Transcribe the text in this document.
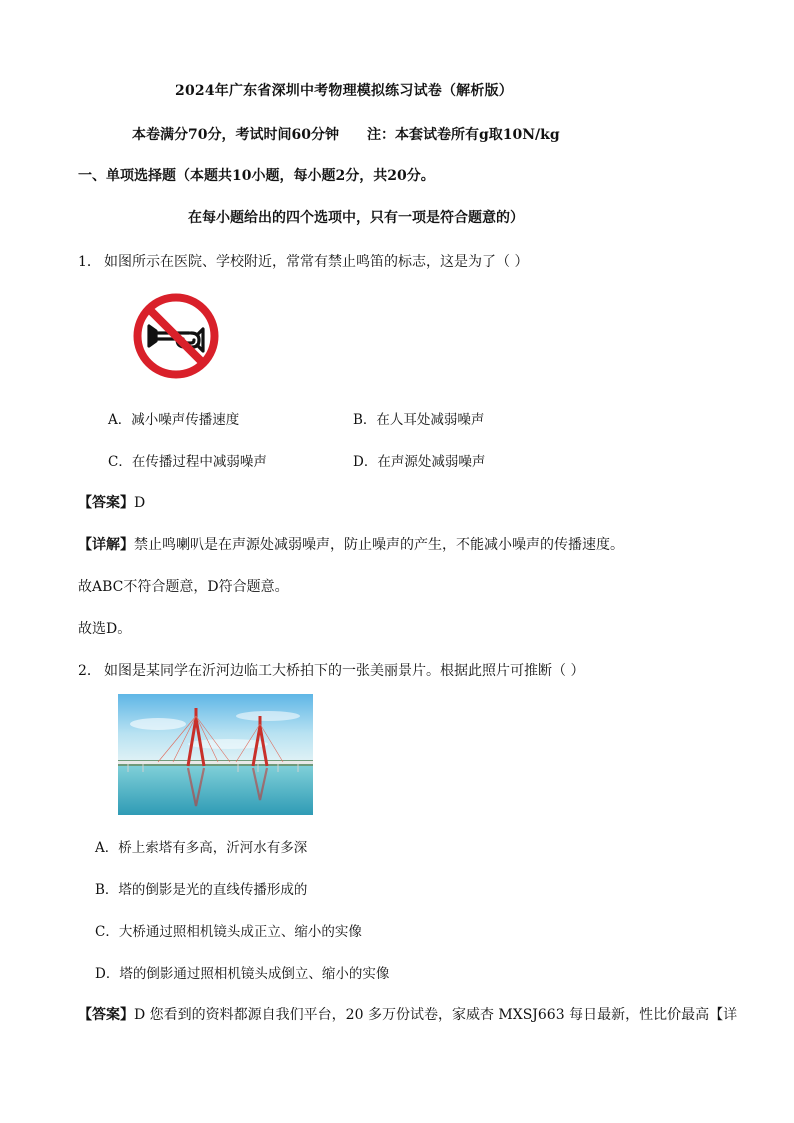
2024年广东省深圳中考物理模拟练习试卷（解析版）
本卷满分70分，考试时间60分钟 注：本套试卷所有g取10N/kg
一、单项选择题（本题共10小题，每小题2分，共20分。
在每小题给出的四个选项中，只有一项是符合题意的）
1． 如图所示在医院、学校附近，常常有禁止鸣笛的标志，这是为了（ ）
A．减小噪声传播速度	B．在人耳处减弱噪声
C．在传播过程中减弱噪声	D．在声源处减弱噪声
【答案】D
【详解】禁止鸣喇叭是在声源处减弱噪声，防止噪声的产生，不能减小噪声的传播速度。
故ABC不符合题意，D符合题意。
故选D。
2． 如图是某同学在沂河边临工大桥拍下的一张美丽景片。根据此照片可推断（ ）
A．桥上索塔有多高，沂河水有多深
B．塔的倒影是光的直线传播形成的
C．大桥通过照相机镜头成正立、缩小的实像
D．塔的倒影通过照相机镜头成倒立、缩小的实像
【答案】D 您看到的资料都源自我们平台，20 多万份试卷，家威杏 MXSJ663 每日最新，性比价最高【详
